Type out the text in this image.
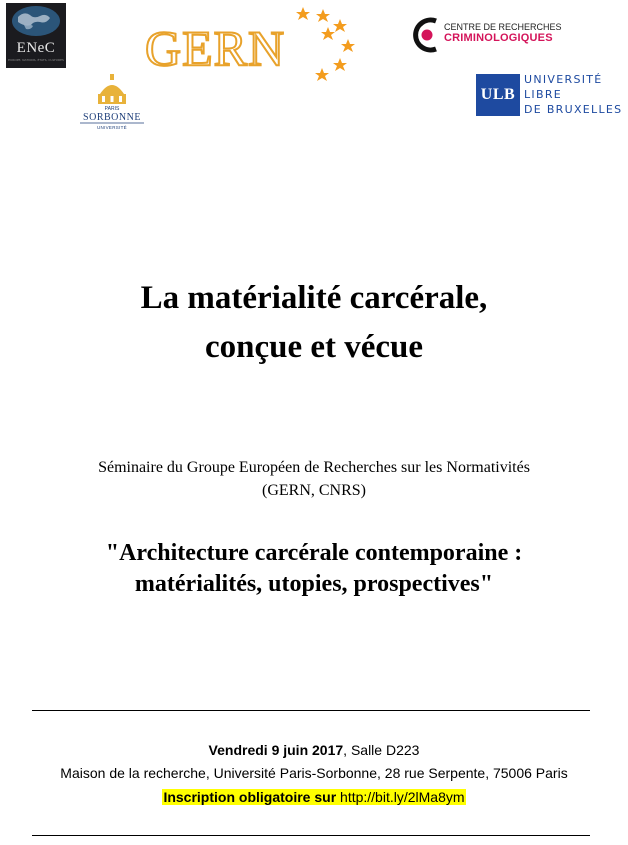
ENeC
EUROPE, NATIONS, ÉTATS, CULTURES GERN
PARIS
SORBONNE
UNIVERSITÉ
CENTRE DE RECHERCHES
CRIMINOLOGIQUES
ULB
UNIVERSITÉ
LIBRE
DE BRUXELLES
La matérialité carcérale,
conçue et vécue
Séminaire du Groupe Européen de Recherches sur les Normativités
(GERN, CNRS)
"Architecture carcérale contemporaine :
matérialités, utopies, prospectives"
Vendredi 9 juin 2017, Salle D223
Maison de la recherche, Université Paris-Sorbonne, 28 rue Serpente, 75006 Paris
Inscription obligatoire sur http://bit.ly/2lMa8ym
